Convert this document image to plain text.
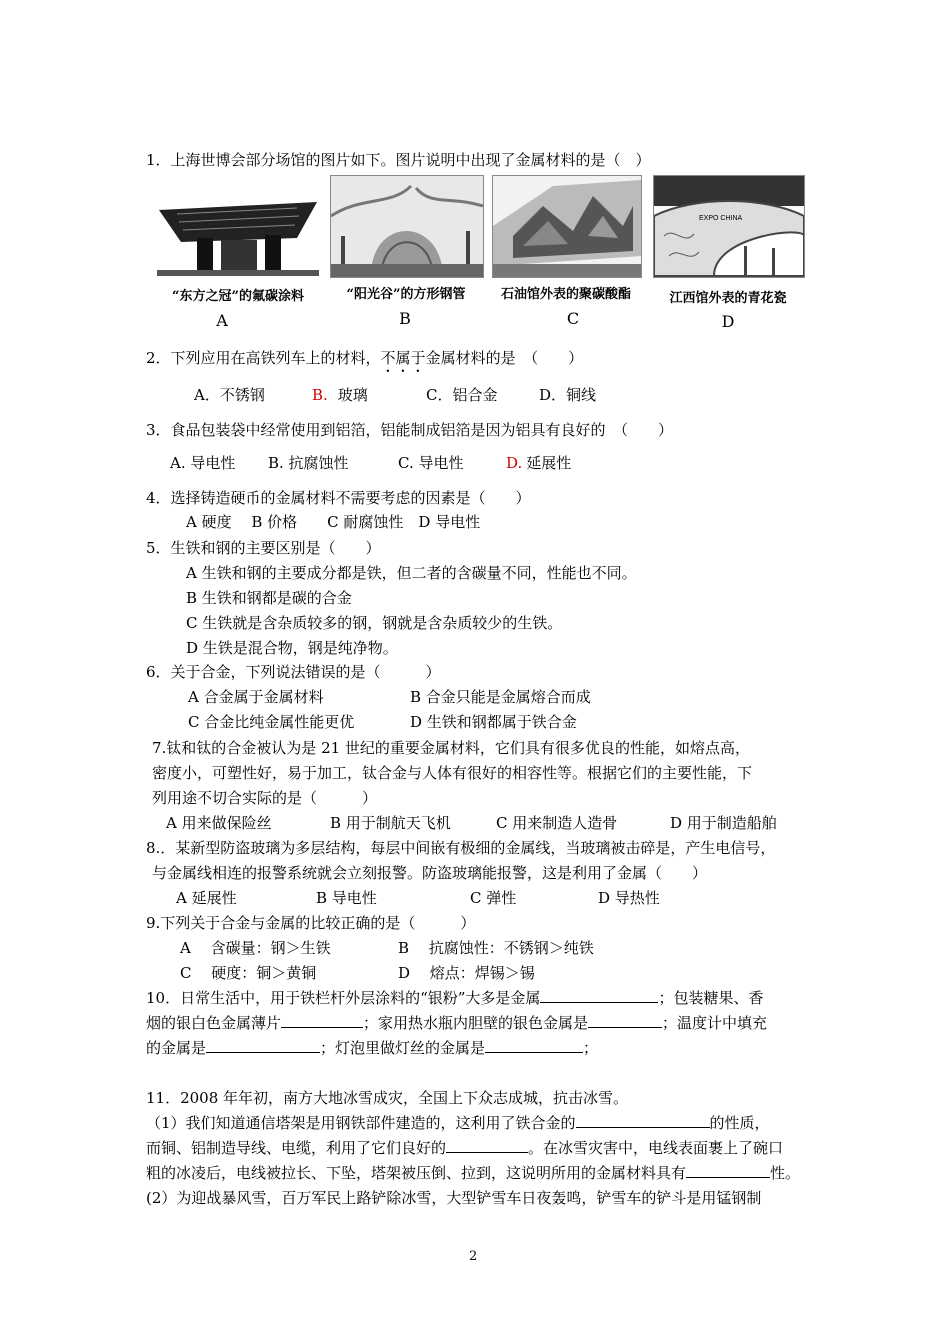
1．上海世博会部分场馆的图片如下。图片说明中出现了金属材料的是（　）
“东方之冠”的氟碳涂料
A
“阳光谷”的方形钢管
B
石油馆外表的聚碳酸酯
C
EXPO CHINA
江西馆外表的青花瓷
D
2．下列应用在高铁列车上的材料，不属于金属材料的是　（　　）
A．不锈钢	B. 玻璃	C．铝合金	D．铜线
3．食品包装袋中经常使用到铝箔，铝能制成铝箔是因为铝具有良好的　（　　）
A. 导电性 B. 抗腐蚀性	C. 导电性	D. 延展性
4．选择铸造硬币的金属材料不需要考虑的因素是（　　）
A 硬度　 B 价格　　C 耐腐蚀性　D 导电性
5．生铁和钢的主要区别是（　　）
A 生铁和钢的主要成分都是铁，但二者的含碳量不同，性能也不同。
B 生铁和钢都是碳的合金
C 生铁就是含杂质较多的钢，钢就是含杂质较少的生铁。
D 生铁是混合物，钢是纯净物。
6．关于合金，下列说法错误的是（　　　）
A 合金属于金属材料	B 合金只能是金属熔合而成
C 合金比纯金属性能更优	D 生铁和钢都属于铁合金
7.钛和钛的合金被认为是 21 世纪的重要金属材料，它们具有很多优良的性能，如熔点高，
密度小，可塑性好，易于加工，钛合金与人体有很好的相容性等。根据它们的主要性能，下
列用途不切合实际的是（　　　）
A 用来做保险丝	B 用于制航天飞机	C 用来制造人造骨	D 用于制造船舶
8.．某新型防盗玻璃为多层结构，每层中间嵌有极细的金属线，当玻璃被击碎是，产生电信号，
与金属线相连的报警系统就会立刻报警。防盗玻璃能报警，这是利用了金属（　　）
A 延展性	B 导电性	C 弹性	D 导热性
9.下列关于合金与金属的比较正确的是（　　　）
A　 含碳量：钢＞生铁	B　 抗腐蚀性：不锈钢＞纯铁
C　 硬度：铜＞黄铜	D　 熔点：焊锡＞锡
10．日常生活中，用于铁栏杆外层涂料的“银粉”大多是金属	；包装糖果、香
烟的银白色金属薄片	；家用热水瓶内胆壁的银色金属是	；温度计中填充
的金属是	；灯泡里做灯丝的金属是	；
11．2008 年年初，南方大地冰雪成灾，全国上下众志成城，抗击冰雪。
（1）我们知道通信塔架是用钢铁部件建造的，这利用了铁合金的	的性质，
而铜、铝制造导线、电缆，利用了它们良好的	。在冰雪灾害中，电线表面裹上了碗口
粗的冰凌后，电线被拉长、下坠，塔架被压倒、拉到，这说明所用的金属材料具有	性。
(2）为迎战暴风雪，百万军民上路铲除冰雪，大型铲雪车日夜轰鸣，铲雪车的铲斗是用锰钢制
2
